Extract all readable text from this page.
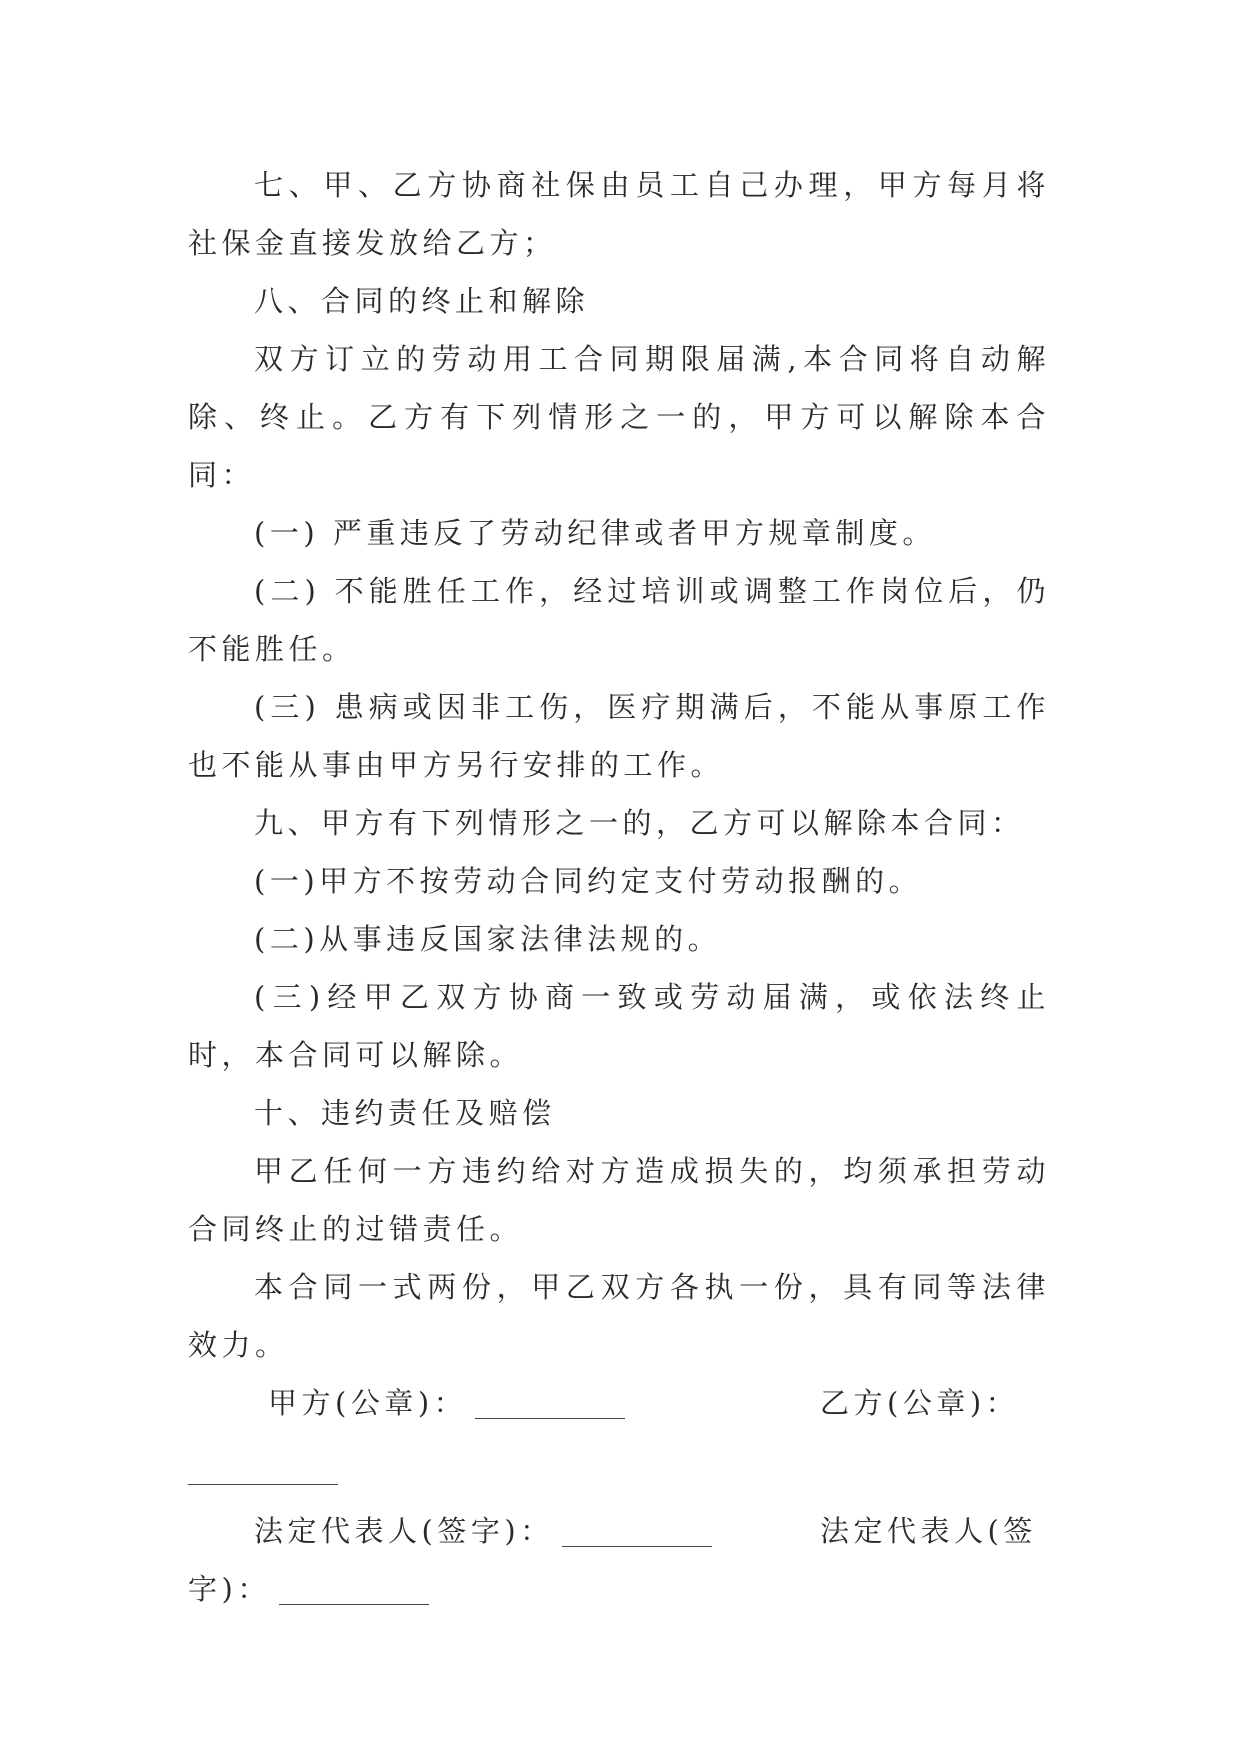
七、甲、乙方协商社保由员工自己办理，甲方每月将社保金直接发放给乙方；

八、合同的终止和解除

双方订立的劳动用工合同期限届满,本合同将自动解除、终止。乙方有下列情形之一的，甲方可以解除本合同：

(一) 严重违反了劳动纪律或者甲方规章制度。

(二) 不能胜任工作，经过培训或调整工作岗位后，仍不能胜任。

(三) 患病或因非工伤，医疗期满后，不能从事原工作也不能从事由甲方另行安排的工作。

九、甲方有下列情形之一的，乙方可以解除本合同：

(一)甲方不按劳动合同约定支付劳动报酬的。

(二)从事违反国家法律法规的。

(三)经甲乙双方协商一致或劳动届满，或依法终止时，本合同可以解除。

十、违约责任及赔偿

甲乙任何一方违约给对方造成损失的，均须承担劳动合同终止的过错责任。

本合同一式两份，甲乙双方各执一份，具有同等法律效力。

甲方(公章)：	乙方(公章)：
法定代表人(签字)：	法定代表人(签
字)：
